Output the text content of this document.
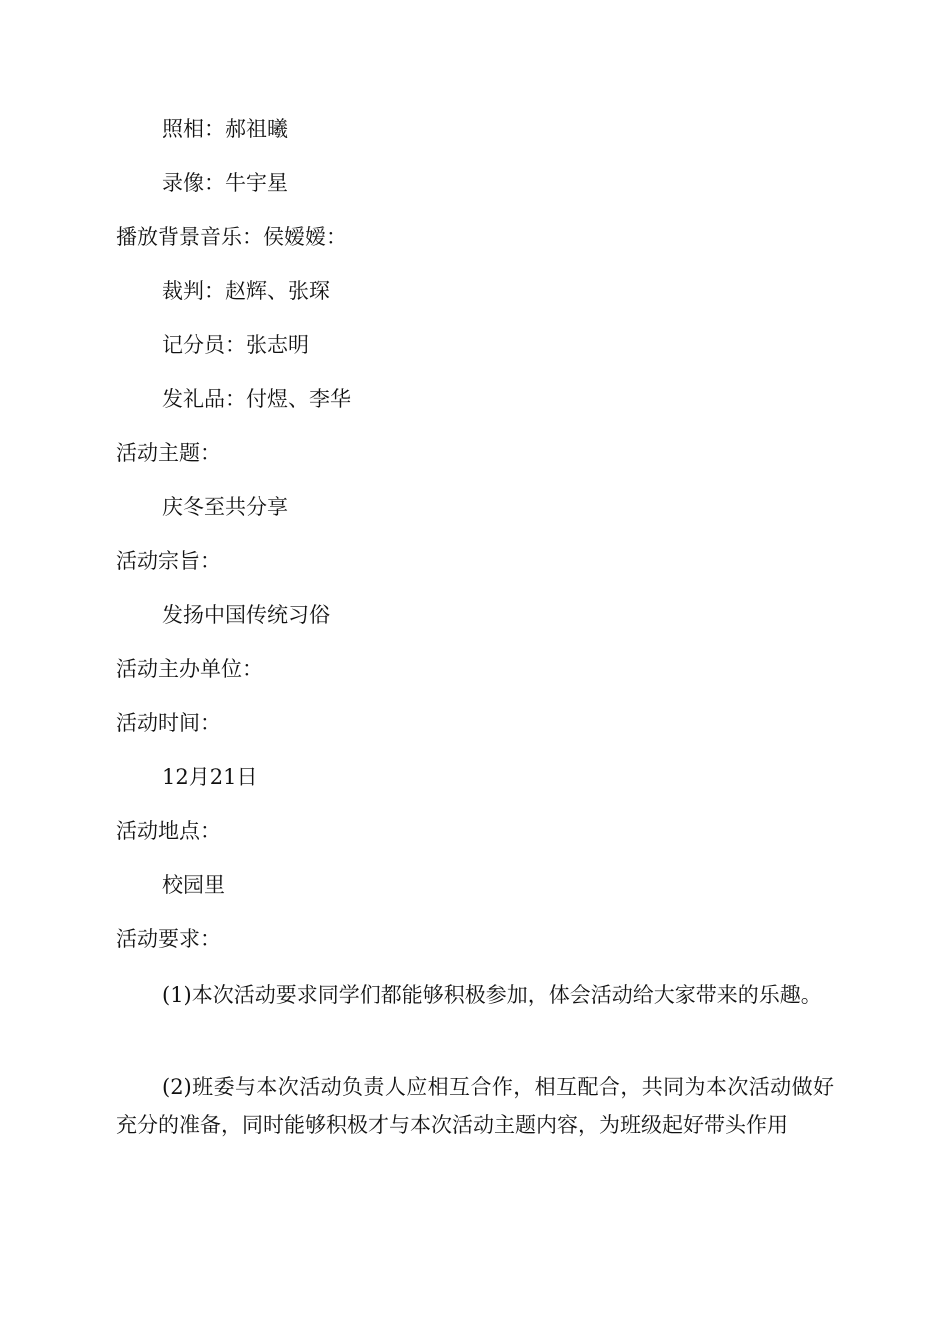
照相：郝祖曦
录像：牛宇星
播放背景音乐：侯嫒嫒：
裁判：赵辉、张琛
记分员：张志明
发礼品：付煜、李华
活动主题：
庆冬至共分享
活动宗旨：
发扬中国传统习俗
活动主办单位：
活动时间：
12月21日
活动地点：
校园里
活动要求：

(1)本次活动要求同学们都能够积极参加，体会活动给大家带来的乐趣。

(2)班委与本次活动负责人应相互合作，相互配合，共同为本次活动做好充分的准备，同时能够积极才与本次活动主题内容，为班级起好带头作用
